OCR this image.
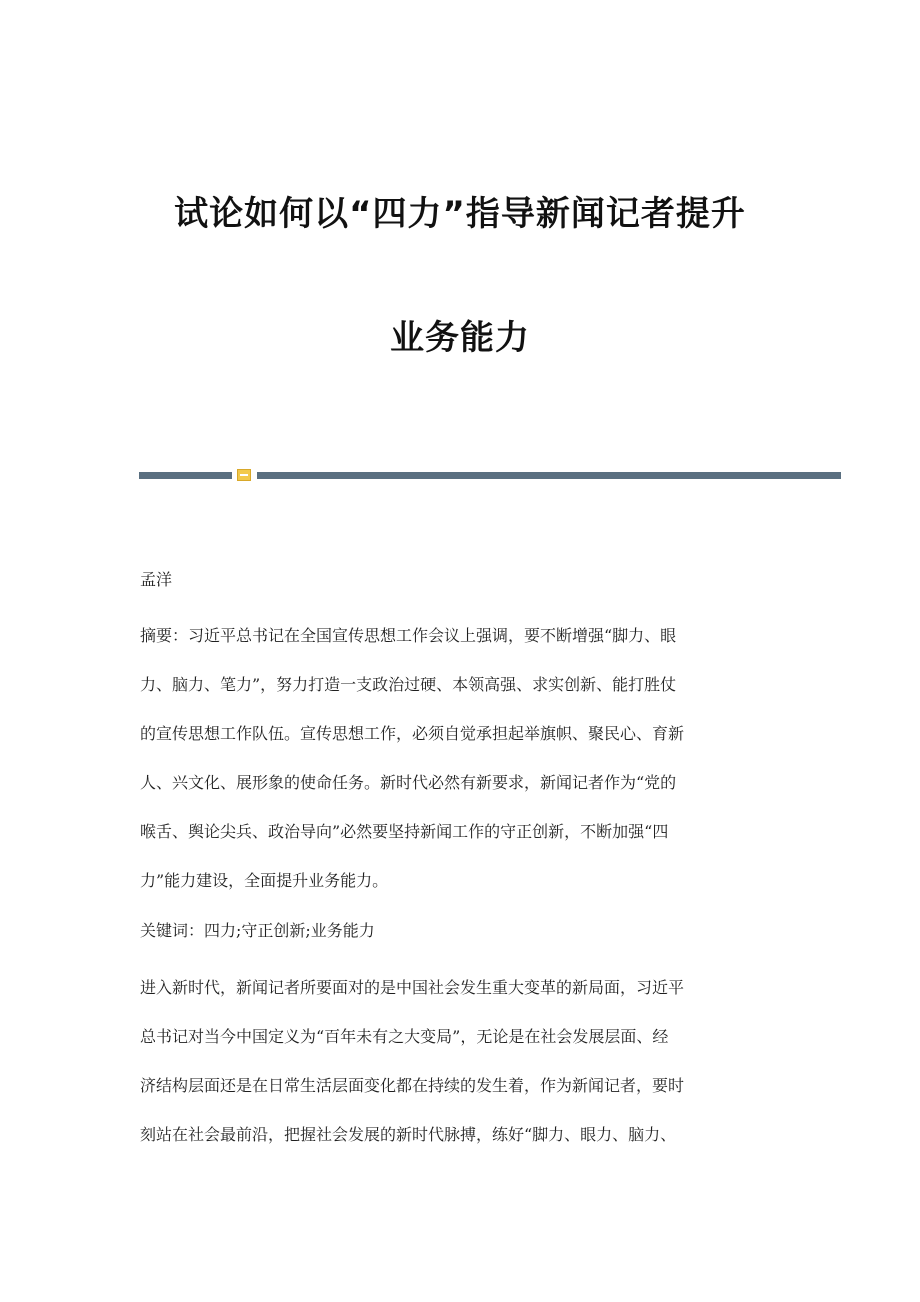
试论如何以“四力”指导新闻记者提升
业务能力
孟洋

摘要：习近平总书记在全国宣传思想工作会议上强调，要不断增强“脚力、眼

力、脑力、笔力”，努力打造一支政治过硬、本领高强、求实创新、能打胜仗

的宣传思想工作队伍。宣传思想工作，必须自觉承担起举旗帜、聚民心、育新

人、兴文化、展形象的使命任务。新时代必然有新要求，新闻记者作为“党的

喉舌、舆论尖兵、政治导向”必然要坚持新闻工作的守正创新，不断加强“四

力”能力建设，全面提升业务能力。

关键词：四力;守正创新;业务能力

进入新时代，新闻记者所要面对的是中国社会发生重大变革的新局面，习近平

总书记对当今中国定义为“百年未有之大变局”，无论是在社会发展层面、经

济结构层面还是在日常生活层面变化都在持续的发生着，作为新闻记者，要时

刻站在社会最前沿，把握社会发展的新时代脉搏，练好“脚力、眼力、脑力、
